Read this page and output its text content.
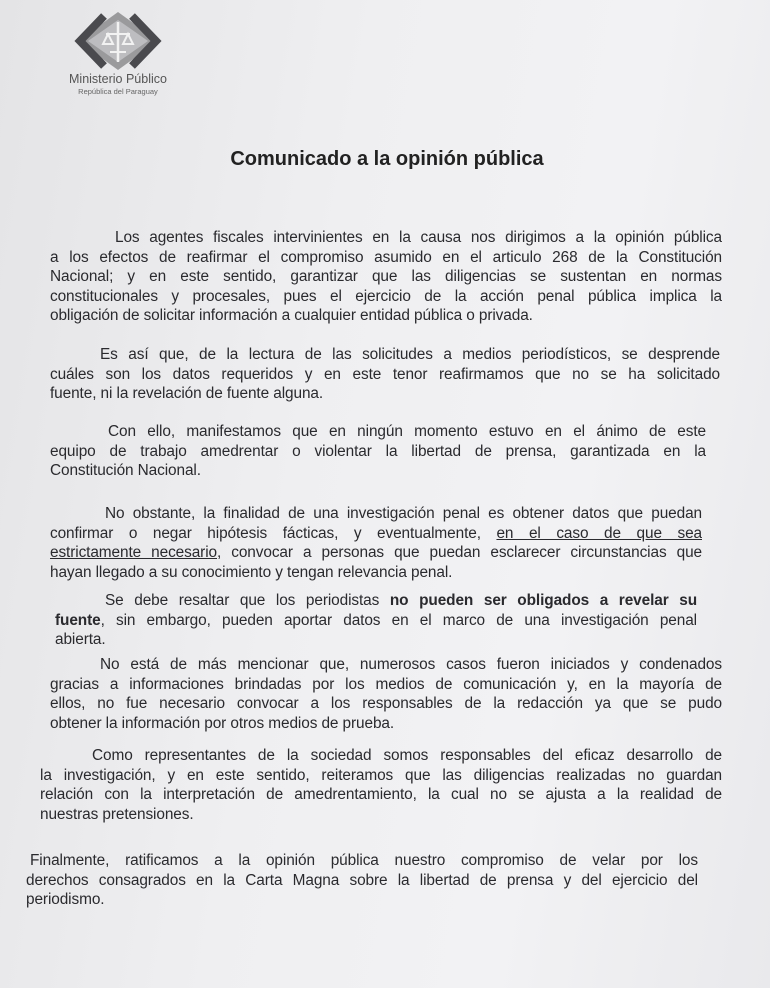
Ministerio Público
República del Paraguay
Comunicado a la opinión pública
Los agentes fiscales intervinientes en la causa nos dirigimos a la opinión pública
a los efectos de reafirmar el compromiso asumido en el articulo 268 de la Constitución
Nacional; y en este sentido, garantizar que las diligencias se sustentan en normas
constitucionales y procesales, pues el ejercicio de la acción penal pública implica la
obligación de solicitar información a cualquier entidad pública o privada.
Es así que, de la lectura de las solicitudes a medios periodísticos, se desprende
cuáles son los datos requeridos y en este tenor reafirmamos que no se ha solicitado
fuente, ni la revelación de fuente alguna.
Con ello, manifestamos que en ningún momento estuvo en el ánimo de este
equipo de trabajo amedrentar o violentar la libertad de prensa, garantizada en la
Constitución Nacional.
No obstante, la finalidad de una investigación penal es obtener datos que puedan
confirmar o negar hipótesis fácticas, y eventualmente, en el caso de que sea
estrictamente necesario, convocar a personas que puedan esclarecer circunstancias que
hayan llegado a su conocimiento y tengan relevancia penal.
Se debe resaltar que los periodistas no pueden ser obligados a revelar su
fuente, sin embargo, pueden aportar datos en el marco de una investigación penal
abierta.
No está de más mencionar que, numerosos casos fueron iniciados y condenados
gracias a informaciones brindadas por los medios de comunicación y, en la mayoría de
ellos, no fue necesario convocar a los responsables de la redacción ya que se pudo
obtener la información por otros medios de prueba.
Como representantes de la sociedad somos responsables del eficaz desarrollo de
la investigación, y en este sentido, reiteramos que las diligencias realizadas no guardan
relación con la interpretación de amedrentamiento, la cual no se ajusta a la realidad de
nuestras pretensiones.
Finalmente, ratificamos a la opinión pública nuestro compromiso de velar por los
derechos consagrados en la Carta Magna sobre la libertad de prensa y del ejercicio del
periodismo.
